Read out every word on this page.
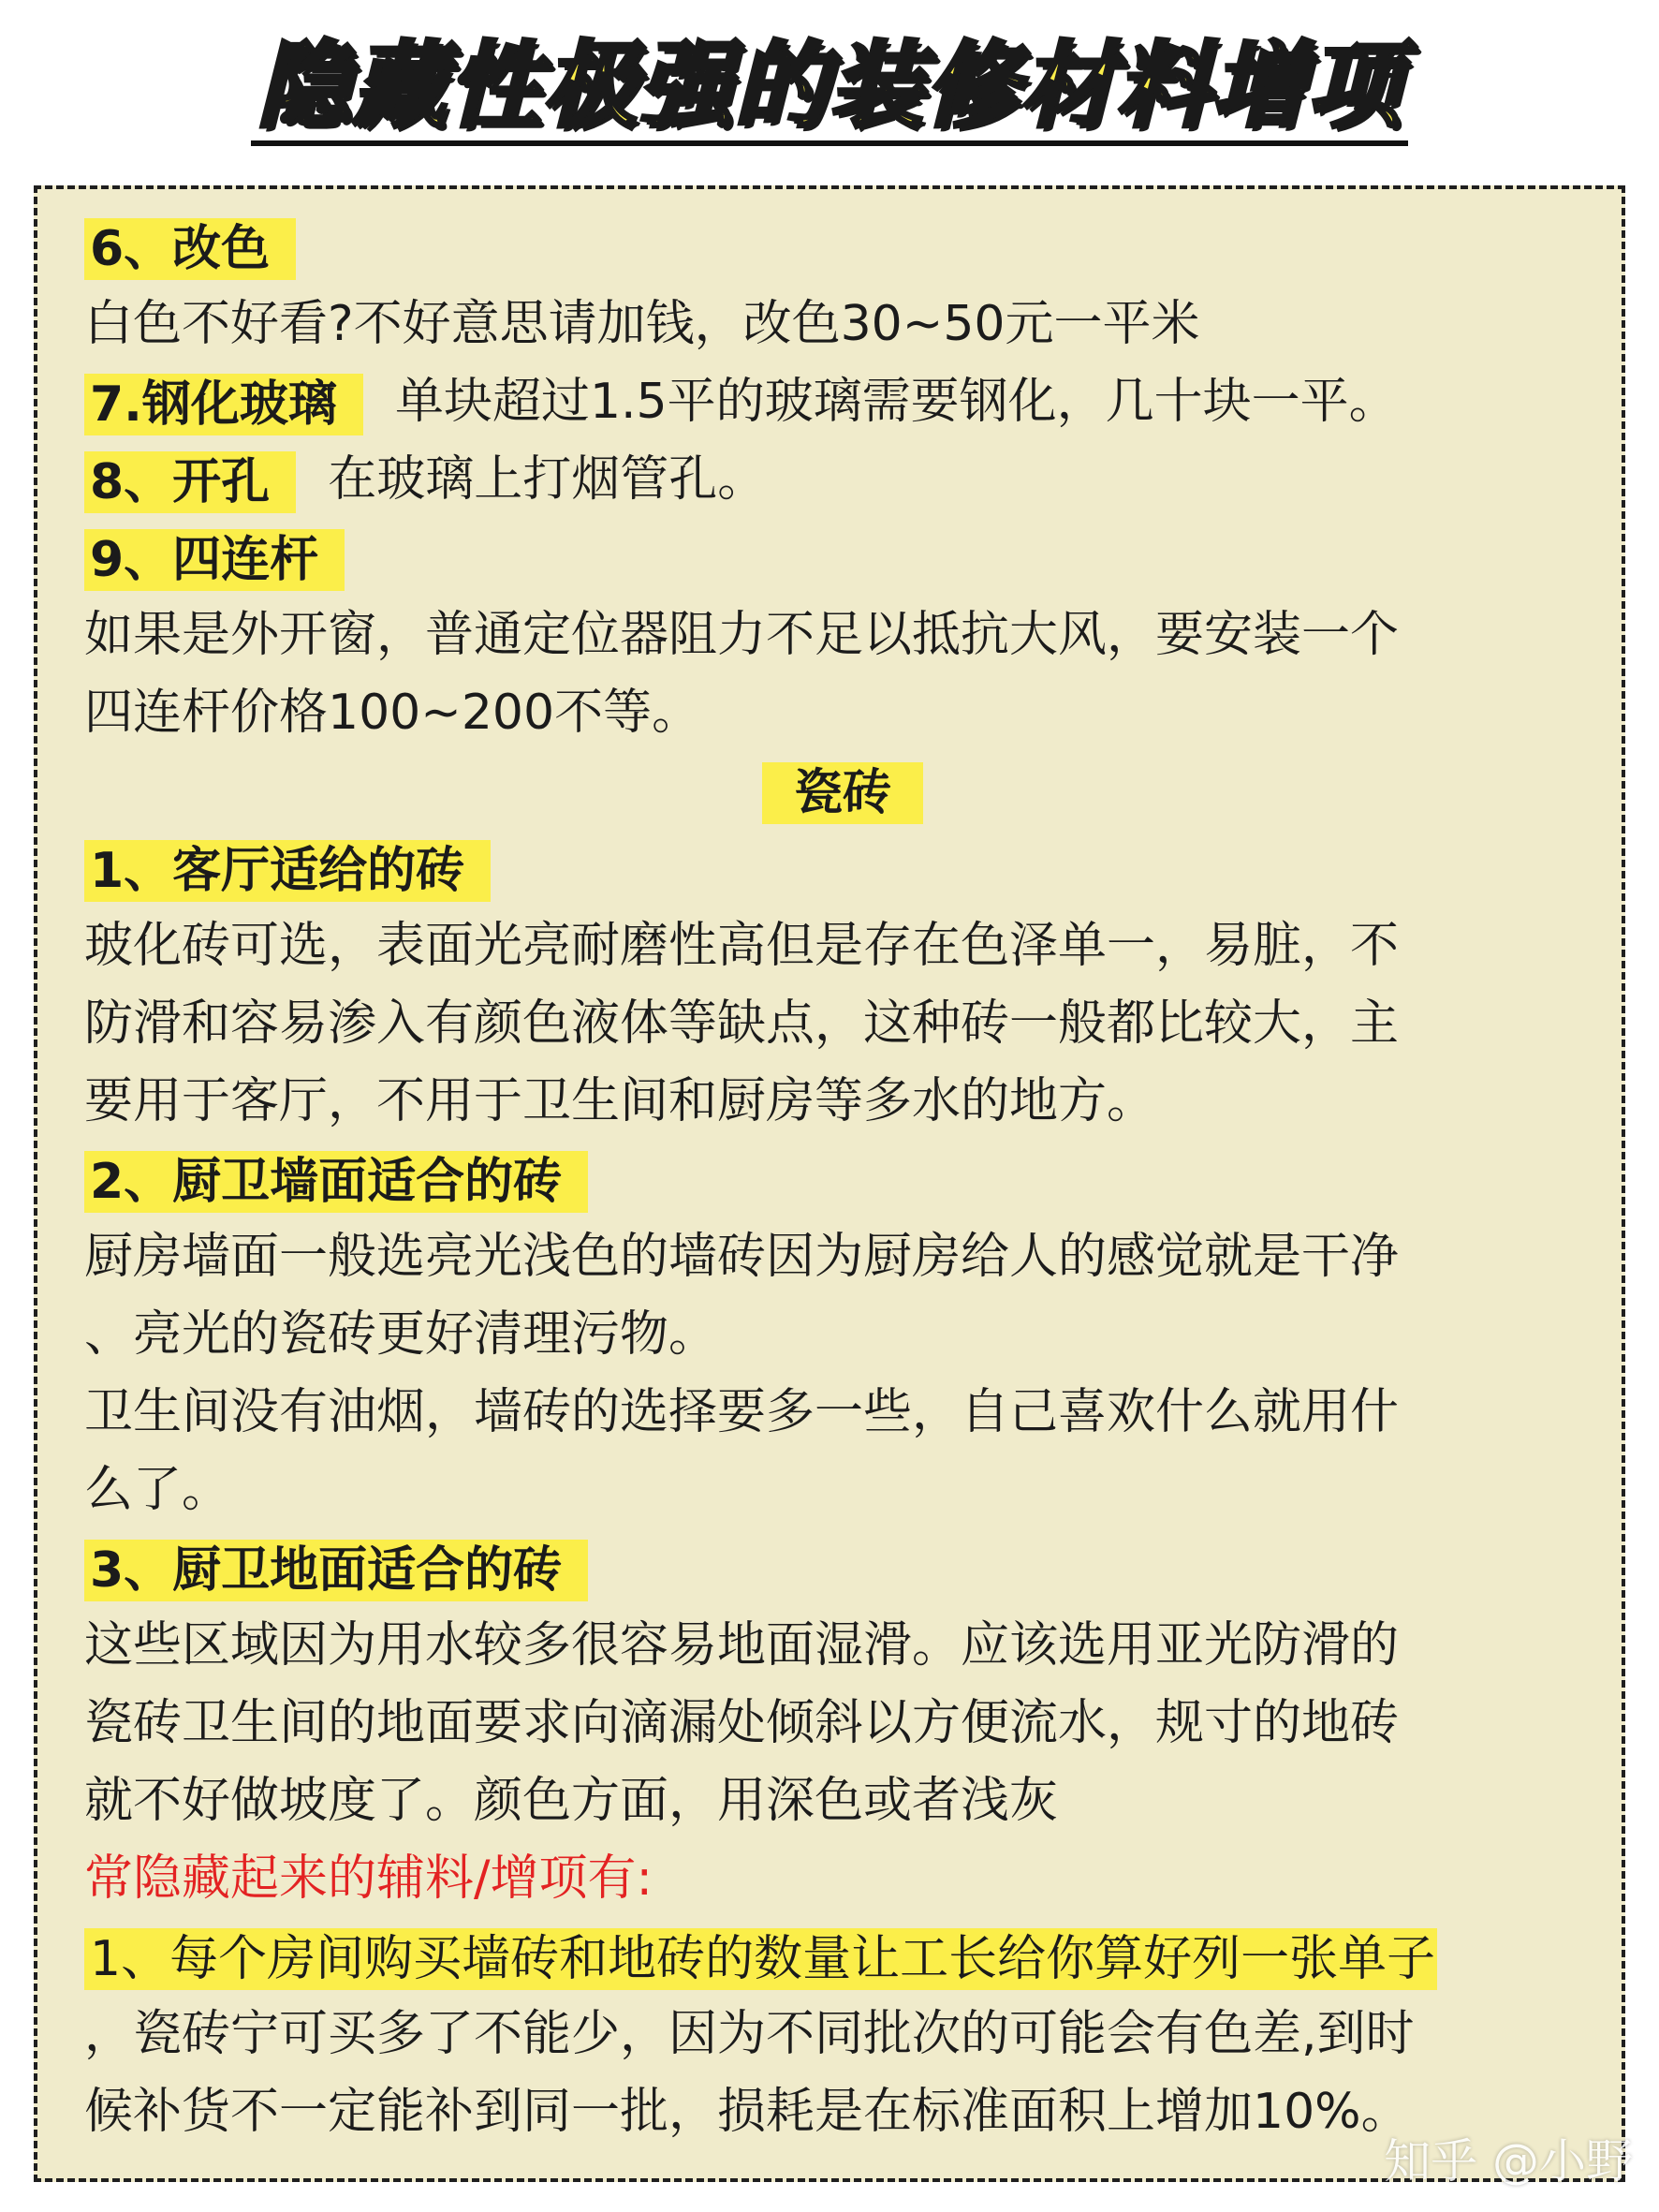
隐藏性极强的装修材料增项
6、改色
白色不好看?不好意思请加钱，改色30~50元一平米
7.钢化玻璃 单块超过1.5平的玻璃需要钢化，几十块一平。
8、开孔 在玻璃上打烟管孔。
9、四连杆
如果是外开窗，普通定位器阻力不足以抵抗大风，要安装一个
四连杆价格100~200不等。
瓷砖
1、客厅适给的砖
玻化砖可选，表面光亮耐磨性高但是存在色泽单一，易脏，不
防滑和容易渗入有颜色液体等缺点，这种砖一般都比较大，主
要用于客厅，不用于卫生间和厨房等多水的地方。
2、厨卫墙面适合的砖
厨房墙面一般选亮光浅色的墙砖因为厨房给人的感觉就是干净
、亮光的瓷砖更好清理污物。
卫生间没有油烟，墙砖的选择要多一些，自己喜欢什么就用什
么了。
3、厨卫地面适合的砖
这些区域因为用水较多很容易地面湿滑。应该选用亚光防滑的
瓷砖卫生间的地面要求向滴漏处倾斜以方便流水，规寸的地砖
就不好做坡度了。颜色方面，用深色或者浅灰
常隐藏起来的辅料/增项有:
1、每个房间购买墙砖和地砖的数量让工长给你算好列一张单子
，瓷砖宁可买多了不能少，因为不同批次的可能会有色差,到时
候补货不一定能补到同一批，损耗是在标准面积上增加10%。
知乎 @小野
